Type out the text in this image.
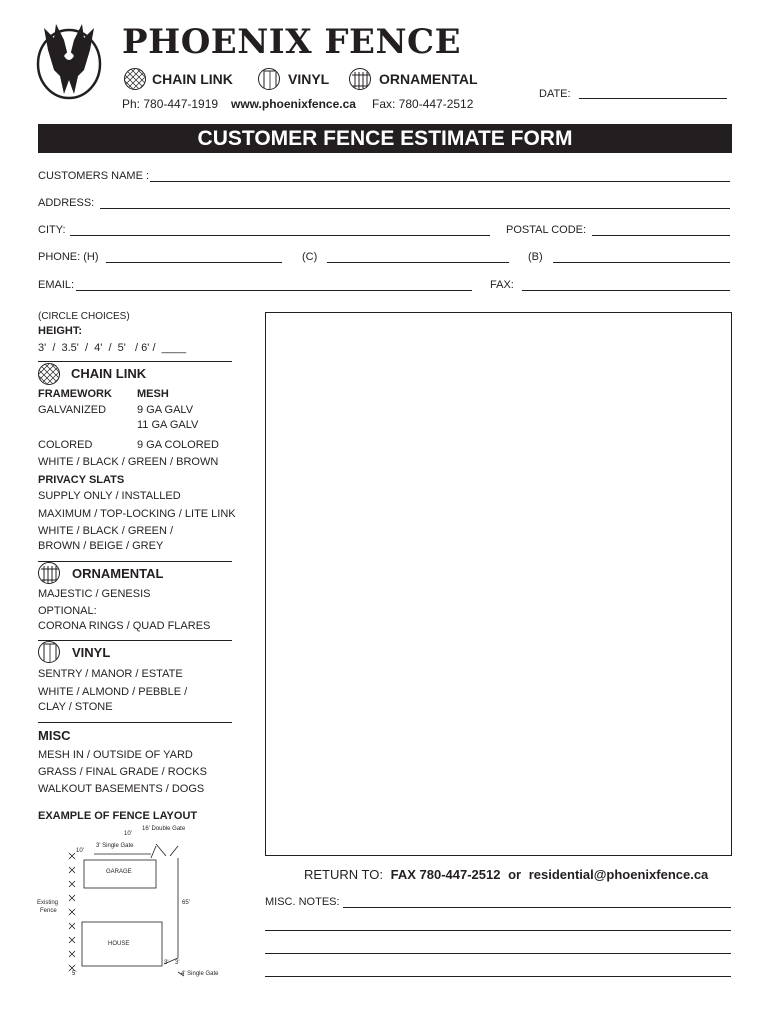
PHOENIX FENCE
CHAIN LINK	VINYL	ORNAMENTAL
Ph: 780-447-1919 www.phoenixfence.ca Fax: 780-447-2512
DATE:
CUSTOMER FENCE ESTIMATE FORM
CUSTOMERS NAME :
ADDRESS:
CITY:	POSTAL CODE:
PHONE: (H)	(C)	(B)
EMAIL:	FAX:
(CIRCLE CHOICES)
HEIGHT:
3'  /  3.5'  /  4'  /  5'   / 6' /  ____
CHAIN LINK
FRAMEWORK MESH
GALVANIZED	9 GA GALV
11 GA GALV
COLORED	9 GA COLORED
WHITE / BLACK / GREEN / BROWN
PRIVACY SLATS
SUPPLY ONLY / INSTALLED
MAXIMUM / TOP-LOCKING / LITE LINK
WHITE / BLACK / GREEN /
BROWN / BEIGE / GREY
ORNAMENTAL
MAJESTIC / GENESIS
OPTIONAL:
CORONA RINGS / QUAD FLARES
VINYL
SENTRY / MANOR / ESTATE
WHITE / ALMOND / PEBBLE /
CLAY / STONE
MISC
MESH IN / OUTSIDE OF YARD
GRASS / FINAL GRADE / ROCKS
WALKOUT BASEMENTS / DOGS
EXAMPLE OF FENCE LAYOUT
10'
16' Double Gate
10'
3' Single Gate
GARAGE
Existing
Fence
65'
HOUSE
3' 3'
5'	4' Single Gate
RETURN TO: FAX 780-447-2512 or residential@phoenixfence.ca
MISC. NOTES:
